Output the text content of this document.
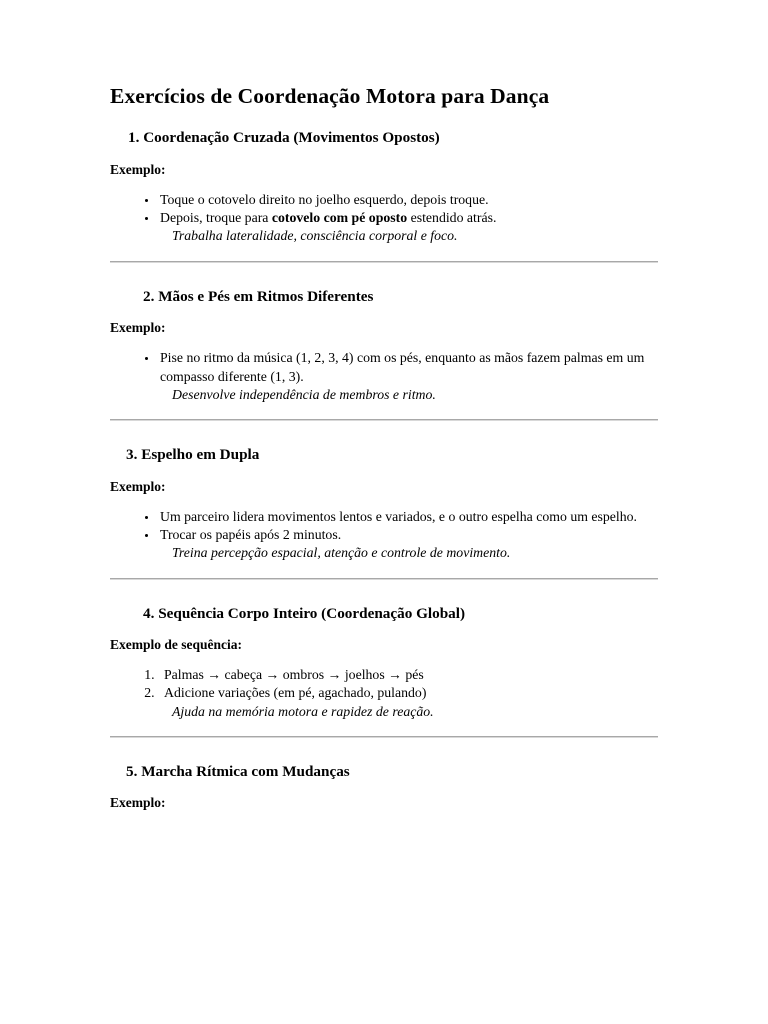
Exercícios de Coordenação Motora para Dança
1. Coordenação Cruzada (Movimentos Opostos)

Exemplo:

• Toque o cotovelo direito no joelho esquerdo, depois troque.
• Depois, troque para cotovelo com pé oposto estendido atrás.

Trabalha lateralidade, consciência corporal e foco.

2. Mãos e Pés em Ritmos Diferentes

Exemplo:

• Pise no ritmo da música (1, 2, 3, 4) com os pés, enquanto as mãos fazem palmas em um compasso diferente (1, 3).

Desenvolve independência de membros e ritmo.

3. Espelho em Dupla

Exemplo:

• Um parceiro lidera movimentos lentos e variados, e o outro espelha como um espelho.
• Trocar os papéis após 2 minutos.

Treina percepção espacial, atenção e controle de movimento.

4. Sequência Corpo Inteiro (Coordenação Global)

Exemplo de sequência:

1. Palmas → cabeça → ombros → joelhos → pés
2. Adicione variações (em pé, agachado, pulando)

Ajuda na memória motora e rapidez de reação.

5. Marcha Rítmica com Mudanças

Exemplo:
